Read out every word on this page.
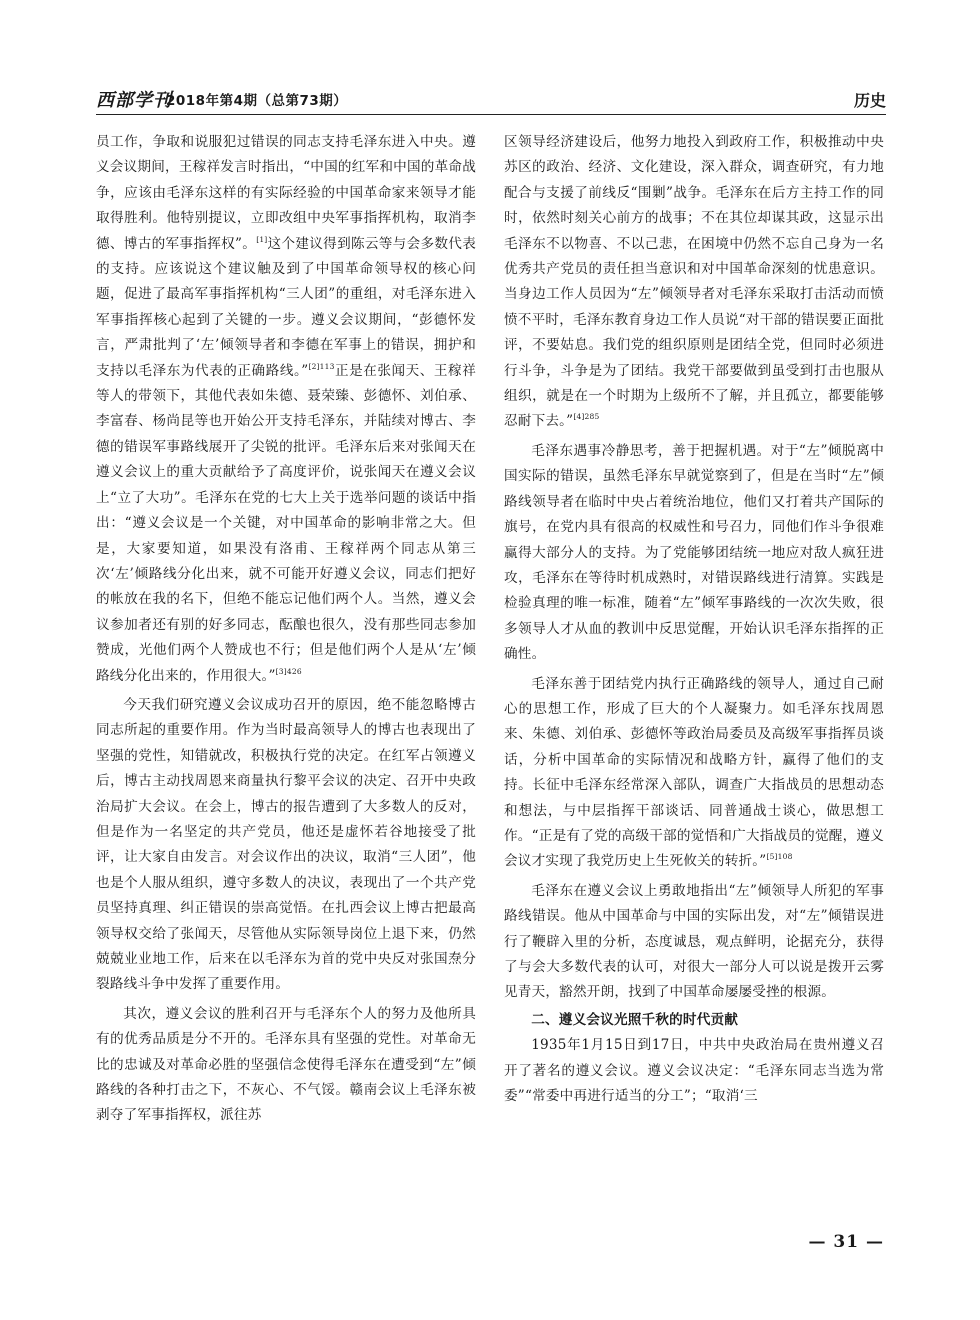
西部学刊
2018年第4期（总第73期）	历史

员工作，争取和说服犯过错误的同志支持毛泽东进入中央。遵义会议期间，王稼祥发言时指出，“中国的红军和中国的革命战争，应该由毛泽东这样的有实际经验的中国革命家来领导才能取得胜利。他特别提议，立即改组中央军事指挥机构，取消李德、博古的军事指挥权”。[1]这个建议得到陈云等与会多数代表的支持。应该说这个建议触及到了中国革命领导权的核心问题，促进了最高军事指挥机构“三人团”的重组，对毛泽东进入军事指挥核心起到了关键的一步。遵义会议期间，“彭德怀发言，严肃批判了‘左’倾领导者和李德在军事上的错误，拥护和支持以毛泽东为代表的正确路线。”$^{[2]113}$正是在张闻天、王稼祥等人的带领下，其他代表如朱德、聂荣臻、彭德怀、刘伯承、李富春、杨尚昆等也开始公开支持毛泽东，并陆续对博古、李德的错误军事路线展开了尖锐的批评。毛泽东后来对张闻天在遵义会议上的重大贡献给予了高度评价，说张闻天在遵义会议上“立了大功”。毛泽东在党的七大上关于选举问题的谈话中指出：“遵义会议是一个关键，对中国革命的影响非常之大。但是，大家要知道，如果没有洛甫、王稼祥两个同志从第三次‘左’倾路线分化出来，就不可能开好遵义会议，同志们把好的帐放在我的名下，但绝不能忘记他们两个人。当然，遵义会议参加者还有别的好多同志，酝酿也很久，没有那些同志参加赞成，光他们两个人赞成也不行；但是他们两个人是从‘左’倾路线分化出来的，作用很大。”$^{[3]426}$

今天我们研究遵义会议成功召开的原因，绝不能忽略博古同志所起的重要作用。作为当时最高领导人的博古也表现出了坚强的党性，知错就改，积极执行党的决定。在红军占领遵义后，博古主动找周恩来商量执行黎平会议的决定、召开中央政治局扩大会议。在会上，博古的报告遭到了大多数人的反对，但是作为一名坚定的共产党员，他还是虚怀若谷地接受了批评，让大家自由发言。对会议作出的决议，取消“三人团”，他也是个人服从组织，遵守多数人的决议，表现出了一个共产党员坚持真理、纠正错误的崇高觉悟。在扎西会议上博古把最高领导权交给了张闻天，尽管他从实际领导岗位上退下来，仍然兢兢业业地工作，后来在以毛泽东为首的党中央反对张国焘分裂路线斗争中发挥了重要作用。

其次，遵义会议的胜利召开与毛泽东个人的努力及他所具有的优秀品质是分不开的。毛泽东具有坚强的党性。对革命无比的忠诚及对革命必胜的坚强信念使得毛泽东在遭受到“左”倾路线的各种打击之下，不灰心、不气馁。赣南会议上毛泽东被剥夺了军事指挥权，派往苏

区领导经济建设后，他努力地投入到政府工作，积极推动中央苏区的政治、经济、文化建设，深入群众，调查研究，有力地配合与支援了前线反“围剿”战争。毛泽东在后方主持工作的同时，依然时刻关心前方的战事；不在其位却谋其政，这显示出毛泽东不以物喜、不以己悲，在困境中仍然不忘自己身为一名优秀共产党员的责任担当意识和对中国革命深刻的忧患意识。当身边工作人员因为“左”倾领导者对毛泽东采取打击活动而愤愤不平时，毛泽东教育身边工作人员说“对干部的错误要正面批评，不要姑息。我们党的组织原则是团结全党，但同时必须进行斗争，斗争是为了团结。我党干部要做到虽受到打击也服从组织，就是在一个时期为上级所不了解，并且孤立，都要能够忍耐下去。”$^{[4]285}$

毛泽东遇事冷静思考，善于把握机遇。对于“左”倾脱离中国实际的错误，虽然毛泽东早就觉察到了，但是在当时“左”倾路线领导者在临时中央占着统治地位，他们又打着共产国际的旗号，在党内具有很高的权威性和号召力，同他们作斗争很难赢得大部分人的支持。为了党能够团结统一地应对敌人疯狂进攻，毛泽东在等待时机成熟时，对错误路线进行清算。实践是检验真理的唯一标准，随着“左”倾军事路线的一次次失败，很多领导人才从血的教训中反思觉醒，开始认识毛泽东指挥的正确性。

毛泽东善于团结党内执行正确路线的领导人，通过自己耐心的思想工作，形成了巨大的个人凝聚力。如毛泽东找周恩来、朱德、刘伯承、彭德怀等政治局委员及高级军事指挥员谈话，分析中国革命的实际情况和战略方针，赢得了他们的支持。长征中毛泽东经常深入部队，调查广大指战员的思想动态和想法，与中层指挥干部谈话、同普通战士谈心，做思想工作。“正是有了党的高级干部的觉悟和广大指战员的觉醒，遵义会议才实现了我党历史上生死攸关的转折。”$^{[5]108}$

毛泽东在遵义会议上勇敢地指出“左”倾领导人所犯的军事路线错误。他从中国革命与中国的实际出发，对“左”倾错误进行了鞭辟入里的分析，态度诚恳，观点鲜明，论据充分，获得了与会大多数代表的认可，对很大一部分人可以说是拨开云雾见青天，豁然开朗，找到了中国革命屡屡受挫的根源。

二、遵义会议光照千秋的时代贡献

1935年1月15日到17日，中共中央政治局在贵州遵义召开了著名的遵义会议。遵义会议决定：“毛泽东同志当选为常委”“常委中再进行适当的分工”；“取消‘三

— 31 —
